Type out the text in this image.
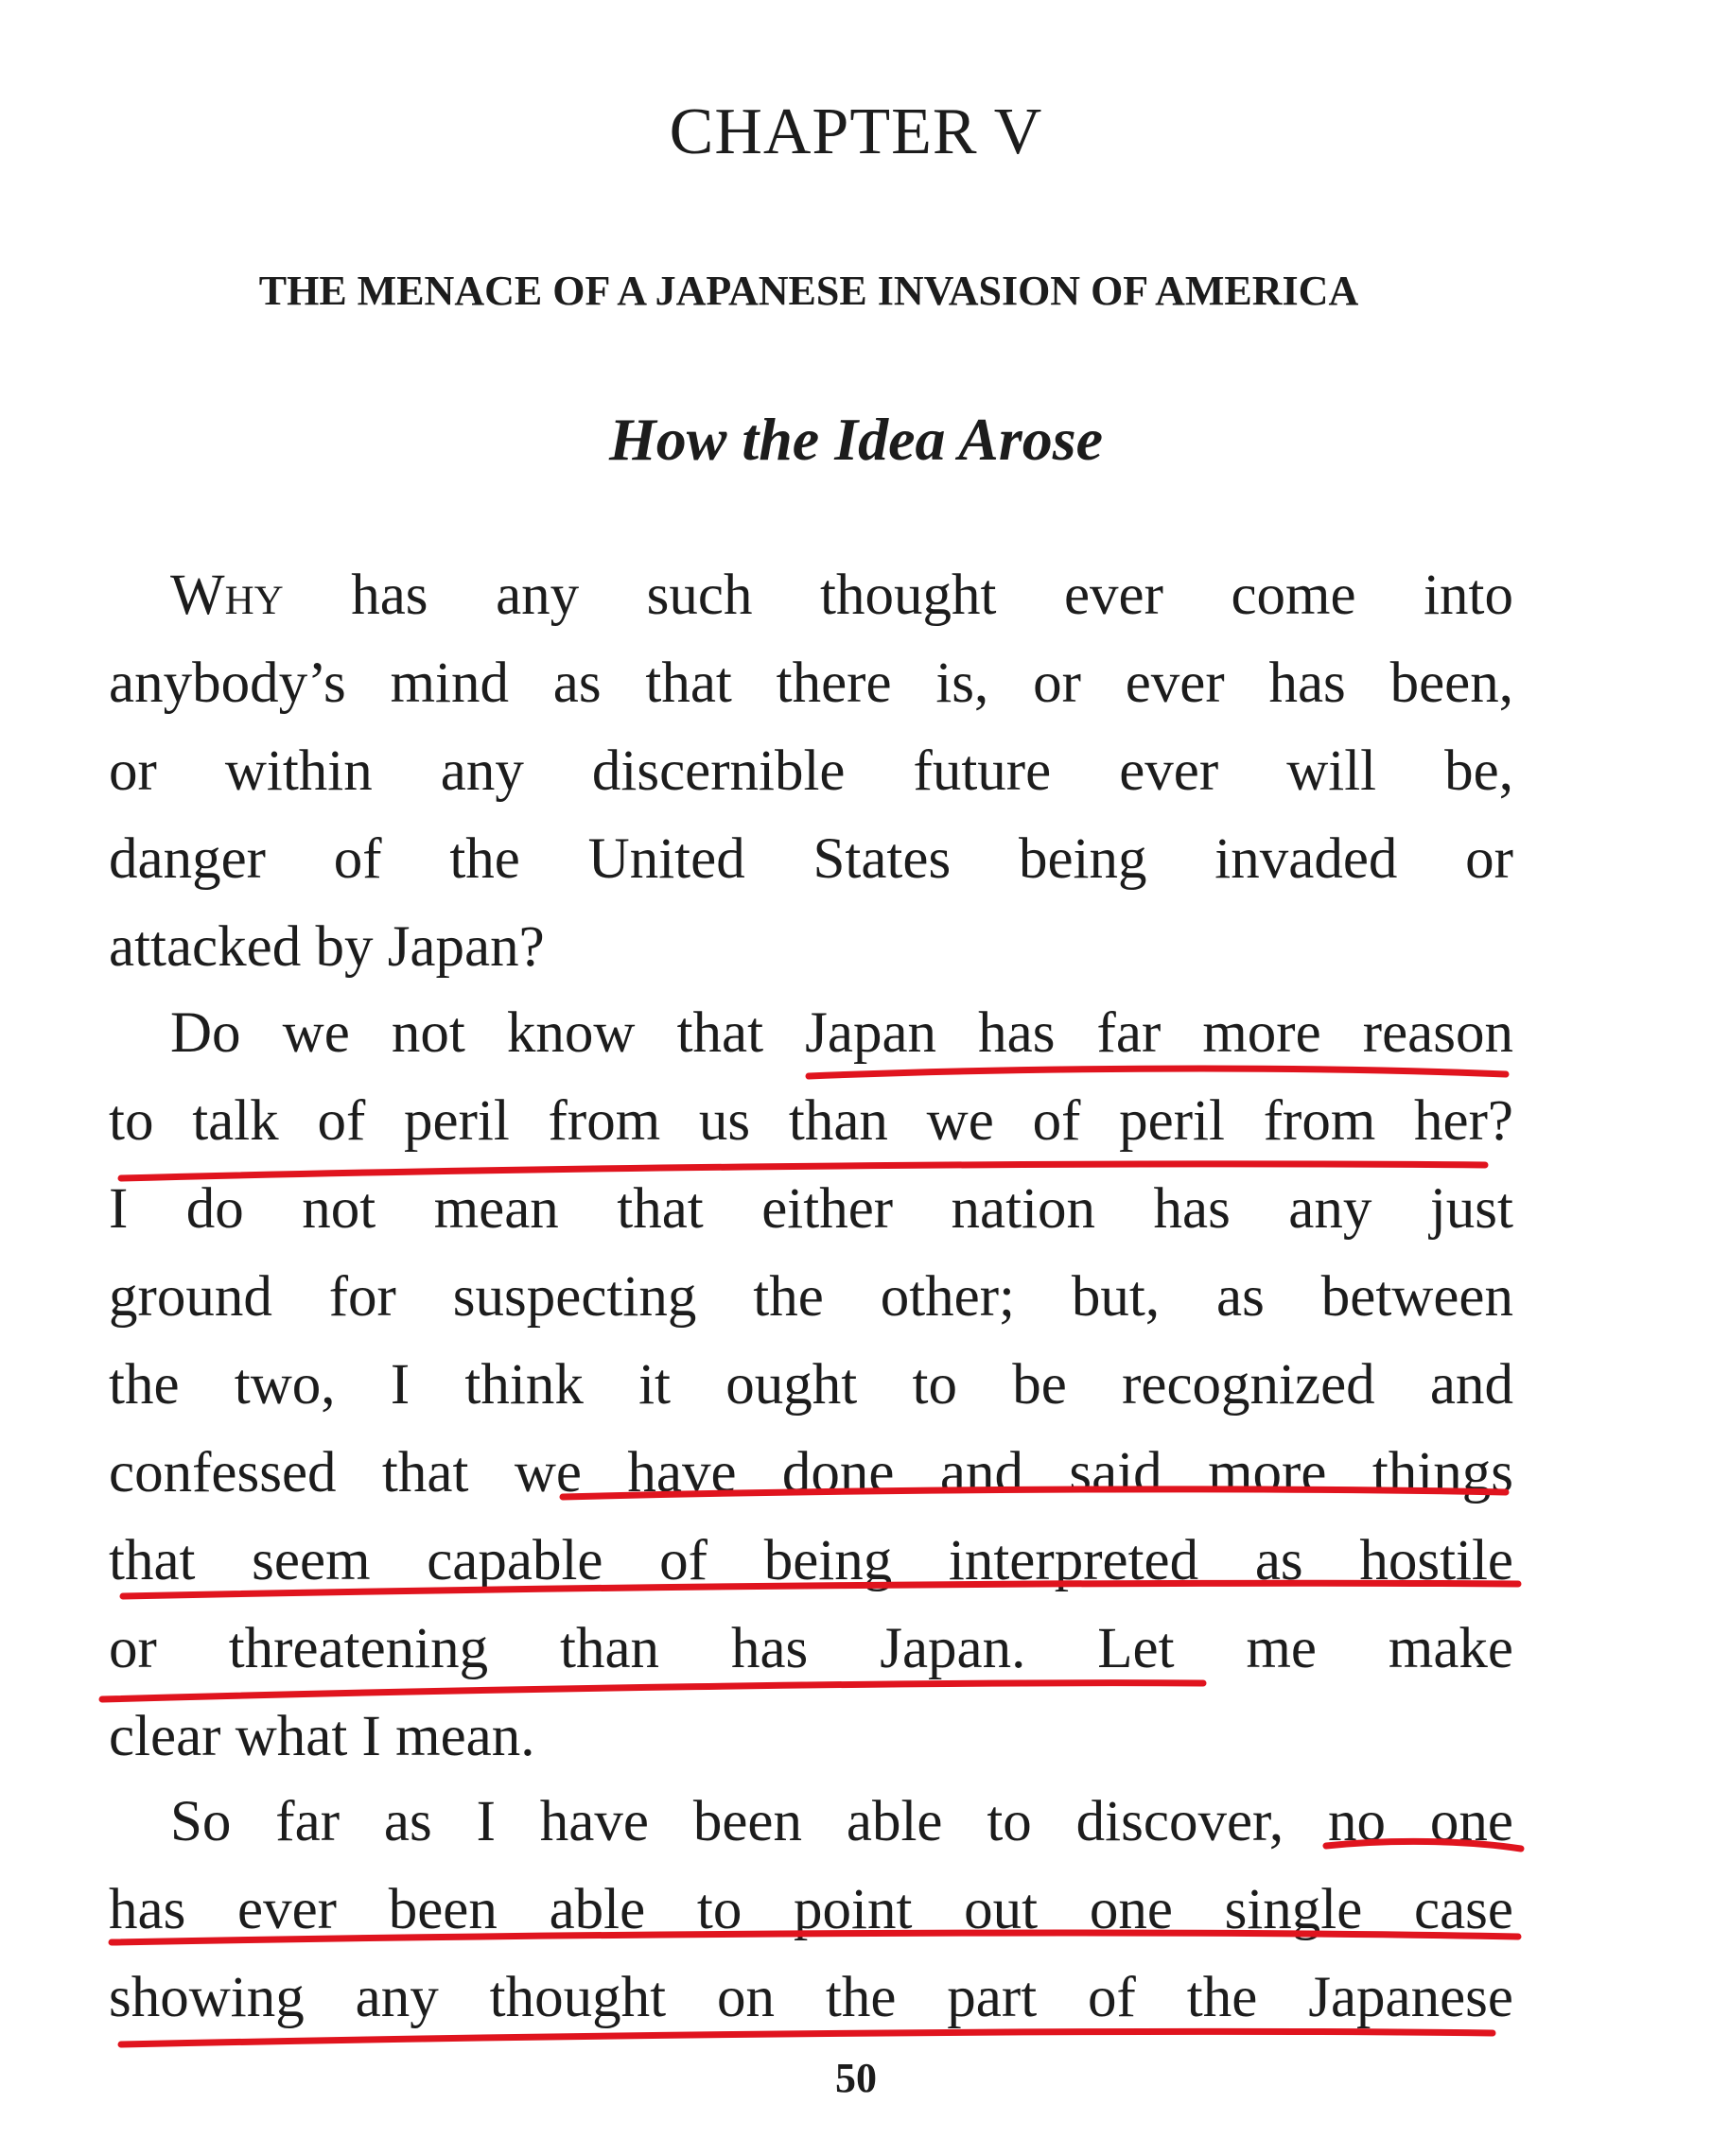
CHAPTER V
THE MENACE OF A JAPANESE INVASION OF AMERICA
How the Idea Arose

Why has any such thought ever come into

anybody’s mind as that there is, or ever has been,

or within any discernible future ever will be,

danger of the United States being invaded or

attacked by Japan?

Do we not know that Japan has far more reason

to talk of peril from us than we of peril from her?

I do not mean that either nation has any just

ground for suspecting the other; but, as between

the two, I think it ought to be recognized and

confessed that we have done and said more things

that seem capable of being interpreted as hostile

or threatening than has Japan. Let me make

clear what I mean.

So far as I have been able to discover, no one

has ever been able to point out one single case

showing any thought on the part of the Japanese

50
